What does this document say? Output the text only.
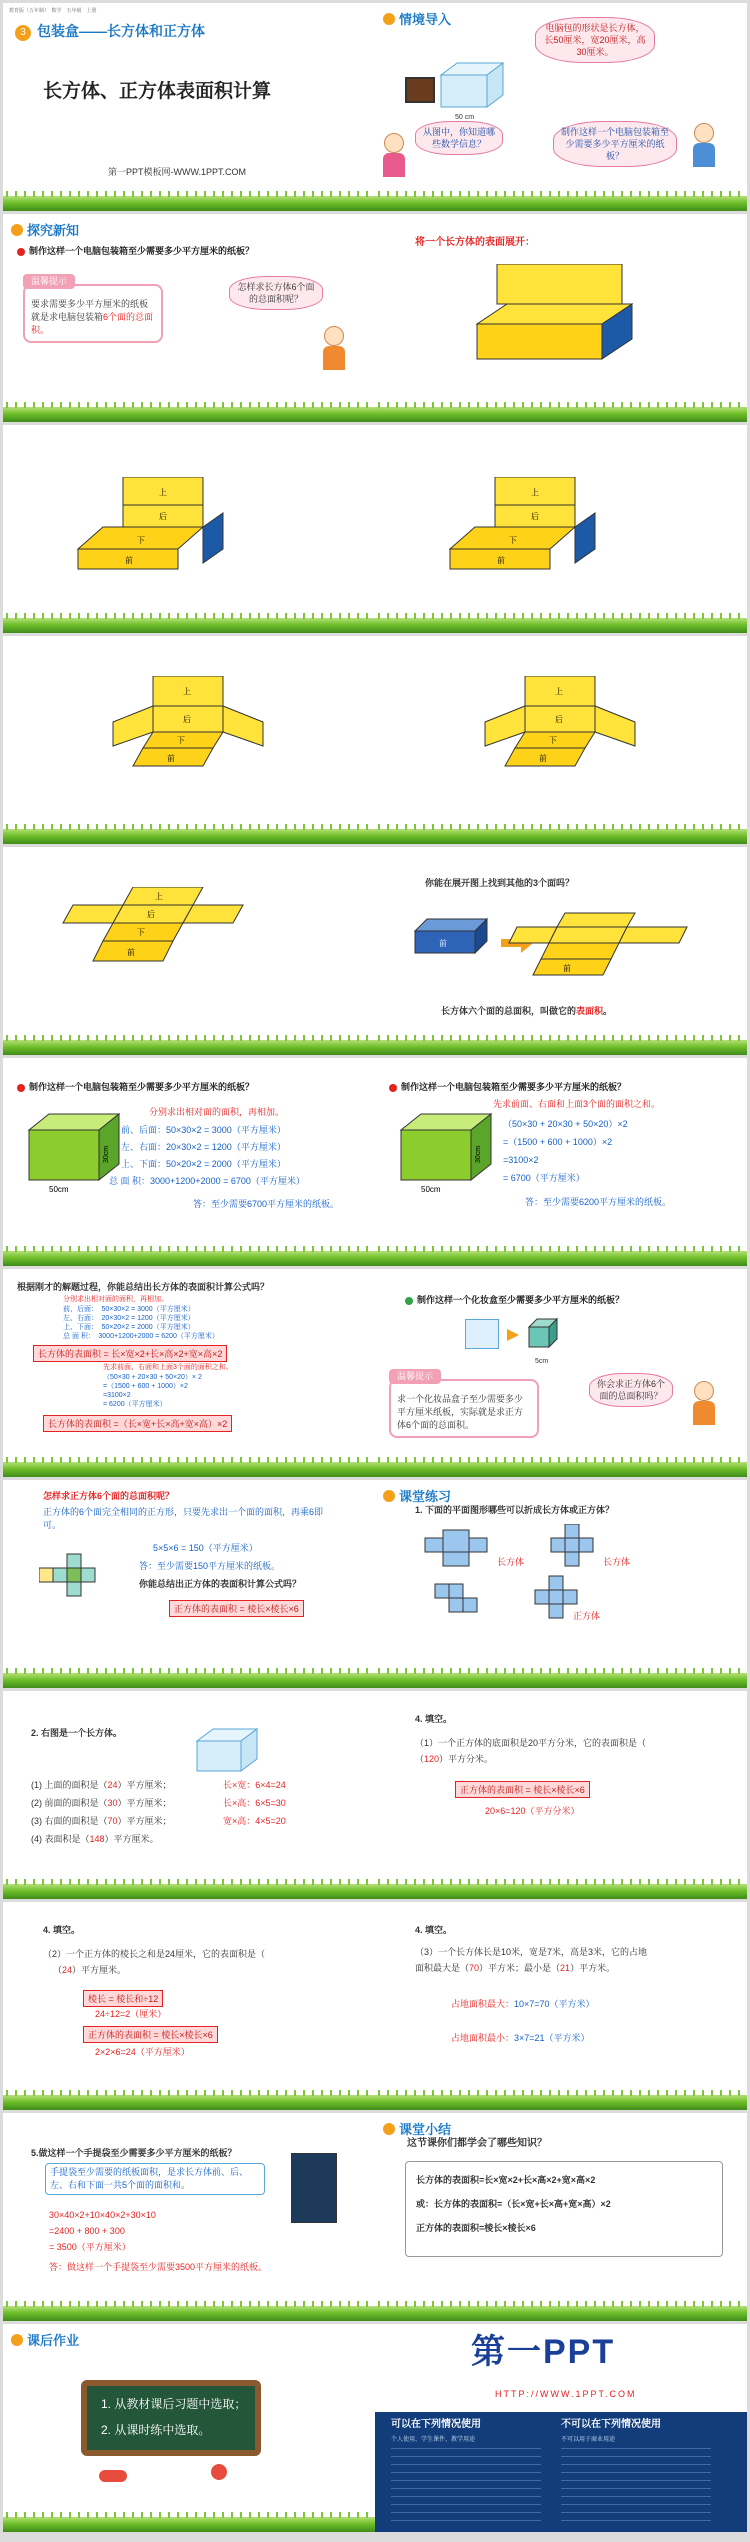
教育版（五年制）　数学　五年级　上册
3 包装盒——长方体和正方体
长方体、正方体表面积计算
第一PPT模板网-WWW.1PPT.COM
情境导入
50 cm
电脑包的形状是长方体，长50厘米，宽20厘米，高30厘米。
从图中，你知道哪些数学信息？
制作这样一个电脑包装箱至少需要多少平方厘米的纸板？
探究新知
制作这样一个电脑包装箱至少需要多少平方厘米的纸板？
温馨提示
要求需要多少平方厘米的纸板就是求电脑包装箱6个面的总面积。
怎样求长方体6个面的总面积呢？
将一个长方体的表面展开：
上
后
下
前
上
后
下
前
上
后
下
前
上
后
下
前
上
后
下
前
你能在展开图上找到其他的3个面吗？
前
前
长方体六个面的总面积，叫做它的表面积。
制作这样一个电脑包装箱至少需要多少平方厘米的纸板？
50cm
30cm
分别求出相对面的面积，再相加。
前、后面：50×30×2 = 3000（平方厘米）
左、右面：20×30×2 = 1200（平方厘米）
上、下面：50×20×2 = 2000（平方厘米）
总 面 积：3000+1200+2000 = 6700（平方厘米）
答：至少需要6700平方厘米的纸板。
制作这样一个电脑包装箱至少需要多少平方厘米的纸板？
50cm
30cm
先求前面、右面和上面3个面的面积之和。
（50×30 + 20×30 + 50×20）×2
=（1500 + 600 + 1000）×2
=3100×2
= 6700（平方厘米）
答：至少需要6200平方厘米的纸板。
根据刚才的解题过程，你能总结出长方体的表面积计算公式吗？
分别求出相对面的面积，再相加。
前、后面：　50×30×2 = 3000（平方厘米）
左、右面：　20×30×2 = 1200（平方厘米）
上、下面：　50×20×2 = 2000（平方厘米）
总 面 积：　3000+1200+2000 = 6200（平方厘米）
长方体的表面积 = 长×宽×2+长×高×2+宽×高×2
先求前面、右面和上面3个面的面积之和。
（50×30 + 20×30 + 50×20）× 2
=（1500 + 600 + 1000）×2
=3100×2
= 6200（平方厘米）
长方体的表面积 =（长×宽+长×高+宽×高）×2
制作这样一个化妆盒至少需要多少平方厘米的纸板？
5cm
温馨提示
求一个化妆品盒子至少需要多少平方厘米纸板，实际就是求正方体6个面的总面积。
你会求正方体6个面的总面积吗？
怎样求正方体6个面的总面积呢？
正方体的6个面完全相同的正方形，只要先求出一个面的面积，再乘6即可。
5×5×6 = 150（平方厘米）
答：至少需要150平方厘米的纸板。
你能总结出正方体的表面积计算公式吗？
正方体的表面积 = 棱长×棱长×6
课堂练习
1. 下面的平面图形哪些可以折成长方体或正方体？
长方体	长方体
正方体
2. 右图是一个长方体。
(1) 上面的面积是（24）平方厘米；	长×宽：6×4=24
(2) 前面的面积是（30）平方厘米；	长×高：6×5=30
(3) 右面的面积是（70）平方厘米；	宽×高：4×5=20
(4) 表面积是（148）平方厘米。
4. 填空。
（1）一个正方体的底面积是20平方分米，它的表面积是（
（120）平方分米。
正方体的表面积 = 棱长×棱长×6
20×6=120（平方分米）
4. 填空。
（2）一个正方体的棱长之和是24厘米，它的表面积是（
（24）平方厘米。
棱长 = 棱长和÷12
24÷12=2（厘米）
正方体的表面积 = 棱长×棱长×6
2×2×6=24（平方厘米）
4. 填空。
（3）一个长方体长是10米，宽是7米，高是3米，它的占地
面积最大是（70）平方米；最小是（21）平方米。
占地面积最大：10×7=70（平方米）
占地面积最小：3×7=21（平方米）
5.做这样一个手提袋至少需要多少平方厘米的纸板？
手提袋至少需要的纸板面积，是求长方体前、后、左、右和下面一共5个面的面积和。
30×40×2+10×40×2+30×10
=2400 + 800 + 300
= 3500（平方厘米）
答：做这样一个手提袋至少需要3500平方厘米的纸板。
课堂小结
这节课你们都学会了哪些知识？
长方体的表面积=长×宽×2+长×高×2+宽×高×2
或：长方体的表面积=（长×宽+长×高+宽×高）×2
正方体的表面积=棱长×棱长×6
课后作业
1. 从教材课后习题中选取；
2. 从课时练中选取。
第一PPT
HTTP://WWW.1PPT.COM
可以在下列情况使用	不可以在下列情况使用
个人使用、学生课件、教学用途	不可以用于商业用途
